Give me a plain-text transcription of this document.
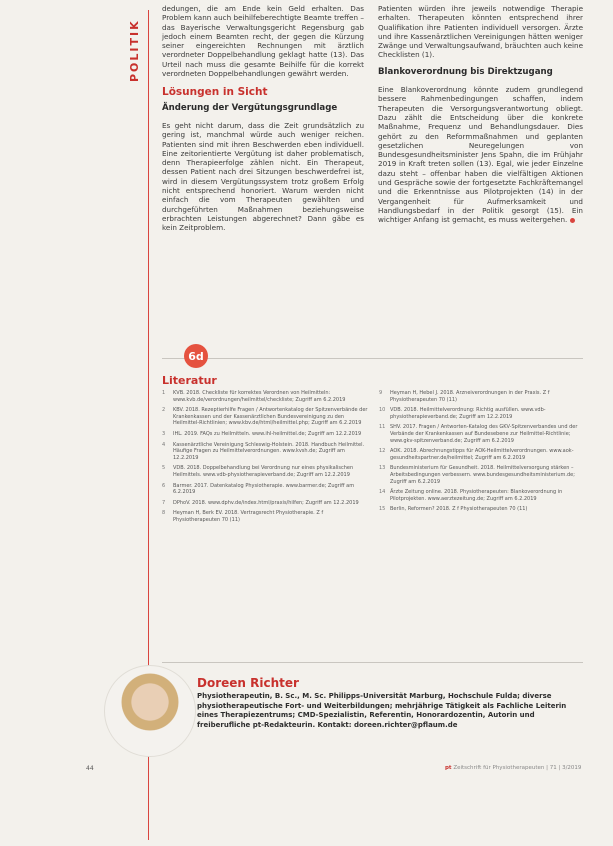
POLITIK

dedungen, die am Ende kein Geld erhalten. Das Problem kann auch beihilfeberechtigte Beamte treffen – das Bayerische Verwaltungsgericht Regensburg gab jedoch einem Beamten recht, der gegen die Kürzung seiner eingereichten Rechnungen mit ärztlich verordneter Doppelbehandlung geklagt hatte (13). Das Urteil nach muss die gesamte Beihilfe für die korrekt verordneten Doppelbehandlungen gewährt werden.

Lösungen in Sicht
Änderung der Vergütungsgrundlage

Es geht nicht darum, dass die Zeit grundsätzlich zu gering ist, manchmal würde auch weniger reichen. Patienten sind mit ihren Beschwerden eben individuell. Eine zeitorientierte Vergütung ist daher problematisch, denn Therapieerfolge zählen nicht. Ein Therapeut, dessen Patient nach drei Sitzungen beschwerdefrei ist, wird in diesem Vergütungssystem trotz großem Erfolg nicht entsprechend honoriert. Warum werden nicht einfach die vom Therapeuten gewählten und durchgeführten Maßnahmen beziehungsweise erbrachten Leistungen abgerechnet? Dann gäbe es kein Zeitproblem.

Patienten würden ihre jeweils notwendige Therapie erhalten. Therapeuten könnten entsprechend ihrer Qualifikation ihre Patienten individuell versorgen. Ärzte und ihre Kassenärztlichen Vereinigungen hätten weniger Zwänge und Verwaltungsaufwand, bräuchten auch keine Checklisten (1).

Blankoverordnung bis Direktzugang

Eine Blankoverordnung könnte zudem grundlegend bessere Rahmenbedingungen schaffen, indem Therapeuten die Versorgungsverantwortung obliegt. Dazu zählt die Entscheidung über die konkrete Maßnahme, Frequenz und Behandlungsdauer. Dies gehört zu den Reformmaßnahmen und geplanten gesetzlichen Neuregelungen von Bundesgesundheitsminister Jens Spahn, die im Frühjahr 2019 in Kraft treten sollen (13). Egal, wie jeder Einzelne dazu steht – offenbar haben die vielfältigen Aktionen und Gespräche sowie der fortgesetzte Fachkräftemangel und die Erkenntnisse aus Pilotprojekten (14) in der Vergangenheit für Aufmerksamkeit und Handlungsbedarf in der Politik gesorgt (15). Ein wichtiger Anfang ist gemacht, es muss weitergehen.

6d
Literatur
1	KVB. 2018. Checkliste für korrektes Verordnen von Heilmitteln: www.kvb.de/verordnungen/heilmittel/checkliste; Zugriff am 6.2.2019
2	KBV. 2018. Rezeptierhilfe Fragen / Antwortenkatalog der Spitzenverbände der Krankenkassen und der Kassenärztlichen Bundesvereinigung zu den Heilmittel-Richtlinien; www.kbv.de/html/heilmittel.php; Zugriff am 6.2.2019
3	IHL. 2019. FAQs zu Heilmitteln. www.ihl-heilmittel.de; Zugriff am 12.2.2019
4	Kassenärztliche Vereinigung Schleswig-Holstein. 2018. Handbuch Heilmittel. Häufige Fragen zu Heilmittelverordnungen. www.kvsh.de; Zugriff am 12.2.2019
5	VDB. 2018. Doppelbehandlung bei Verordnung nur eines physikalischen Heilmittels. www.vdb-physiotherapieverband.de; Zugriff am 12.2.2019
6	Barmer. 2017. Datenkatalog Physiotherapie. www.barmer.de; Zugriff am 6.2.2019
7	DPhoV. 2018. www.dphv.de/index.html/praxis/hilfen; Zugriff am 12.2.2019
8	Heyman H, Berk EV. 2018. Vertragsrecht Physiotherapie. Z f Physiotherapeuten 70 (11)
9	Heyman H, Hebel J. 2018. Arzneiverordnungen in der Praxis. Z f Physiotherapeuten 70 (11)
10 VDB. 2018. Heilmittelverordnung: Richtig ausfüllen. www.vdb-physiotherapieverband.de; Zugriff am 12.2.2019
11 SHV. 2017. Fragen / Antworten-Katalog des GKV-Spitzenverbandes und der Verbände der Krankenkassen auf Bundesebene zur Heilmittel-Richtlinie; www.gkv-spitzenverband.de; Zugriff am 6.2.2019
12 AOK. 2018. Abrechnungstipps für AOK-Heilmittelverordnungen. www.aok-gesundheitspartner.de/heilmittel; Zugriff am 6.2.2019
13 Bundesministerium für Gesundheit. 2018. Heilmittelversorgung stärken – Arbeitsbedingungen verbessern. www.bundesgesundheitsministerium.de; Zugriff am 6.2.2019
14 Ärzte Zeitung online. 2018. Physiotherapeuten: Blankoverordnung in Pilotprojekten. www.aerztezeitung.de; Zugriff am 6.2.2019
15 Berlin, Reformen? 2018. Z f Physiotherapeuten 70 (11)
Doreen Richter
Physiotherapeutin, B. Sc., M. Sc. Philipps-Universität Marburg, Hochschule Fulda; diverse physiotherapeutische Fort- und Weiterbildungen; mehrjährige Tätigkeit als Fachliche Leiterin eines Therapiezentrums; CMD-Spezialistin, Referentin, Honorardozentin, Autorin und freiberufliche pt-Redakteurin. Kontakt: doreen.richter@pflaum.de
44	pt Zeitschrift für Physiotherapeuten | 71 | 3/2019
